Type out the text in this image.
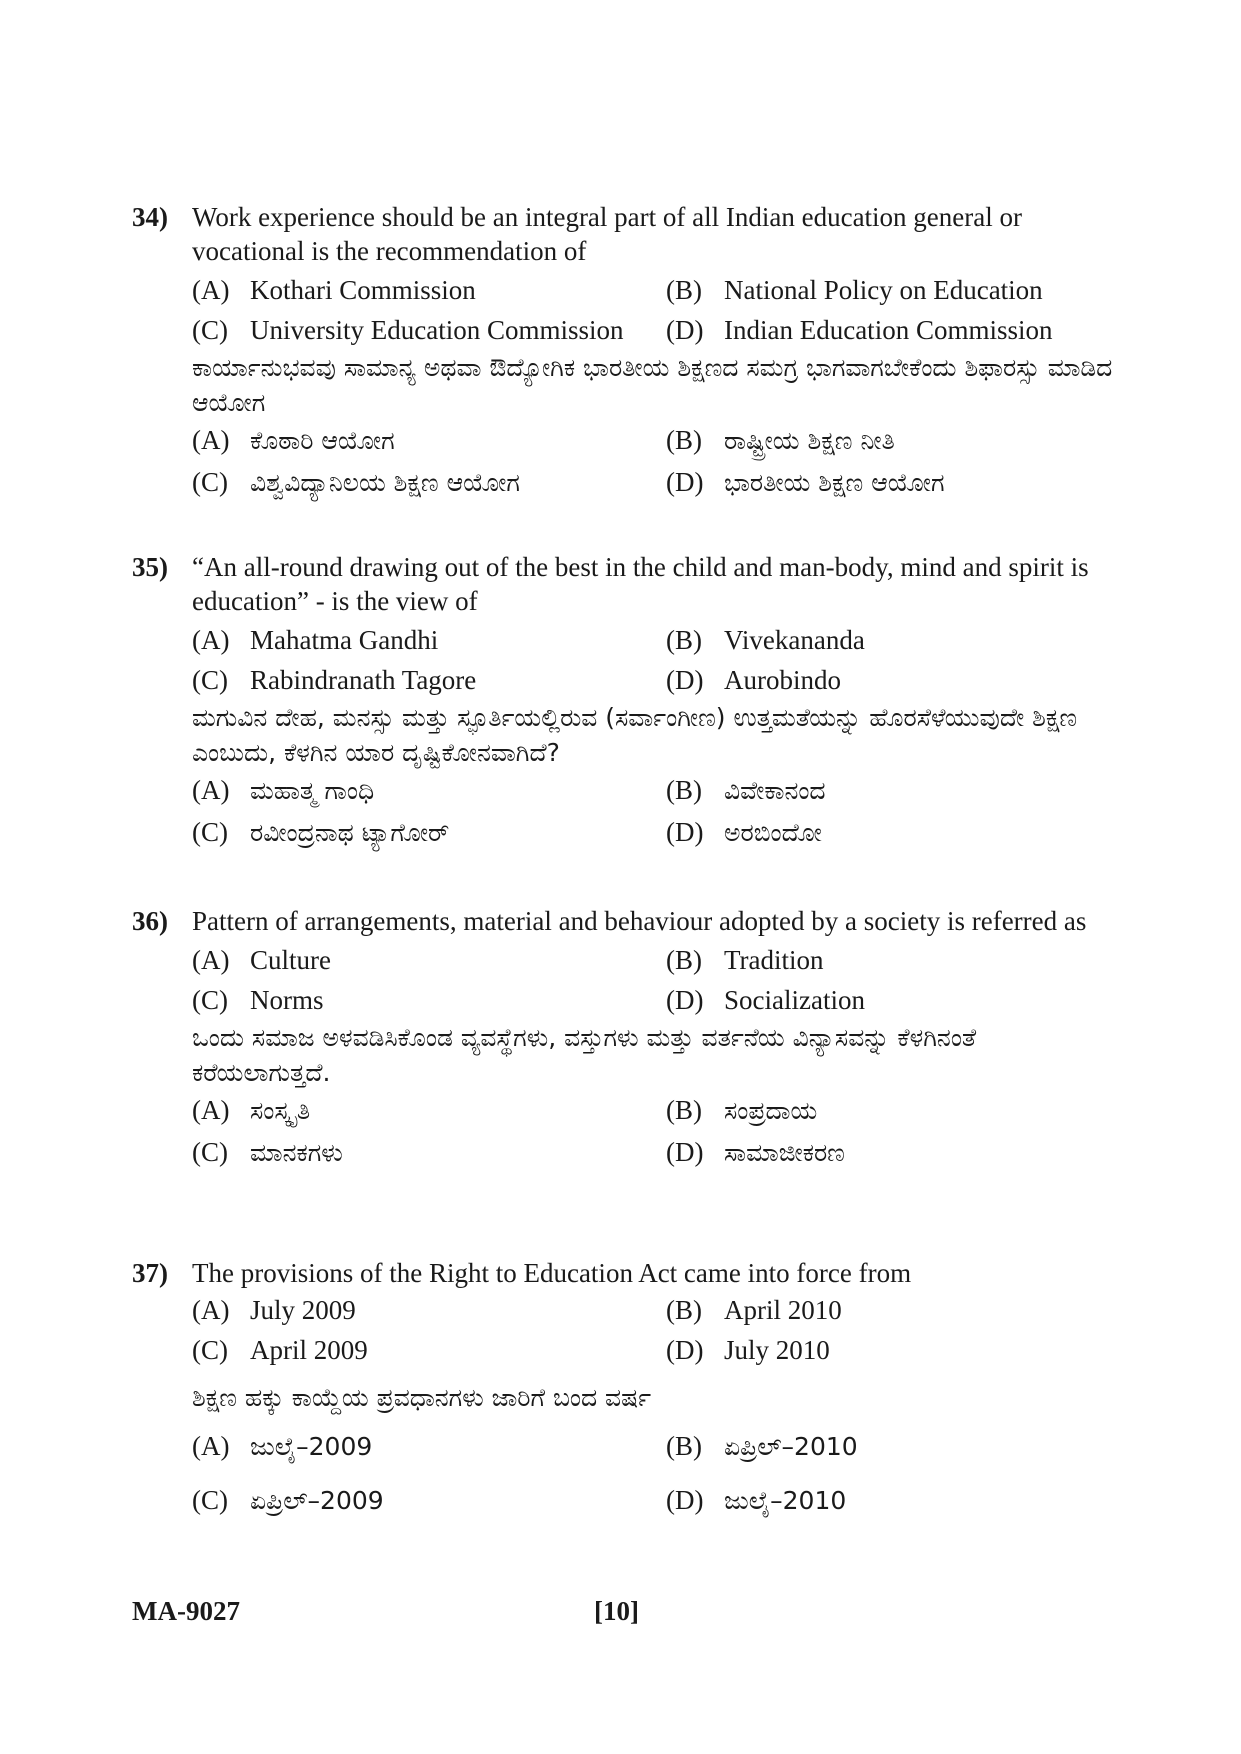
34) Work experience should be an integral part of all Indian education general or vocational is the recommendation of
(A) Kothari Commission	(B) National Policy on Education
(C) University Education Commission	(D) Indian Education Commission
ಕಾರ್ಯಾನುಭವವು ಸಾಮಾನ್ಯ ಅಥವಾ ಔದ್ಯೋಗಿಕ ಭಾರತೀಯ ಶಿಕ್ಷಣದ ಸಮಗ್ರ ಭಾಗವಾಗಬೇಕೆಂದು ಶಿಫಾರಸ್ಸು ಮಾಡಿದ ಆಯೋಗ
(A) ಕೊಠಾರಿ ಆಯೋಗ	(B) ರಾಷ್ಟ್ರೀಯ ಶಿಕ್ಷಣ ನೀತಿ
(C) ವಿಶ್ವವಿದ್ಯಾನಿಲಯ ಶಿಕ್ಷಣ ಆಯೋಗ	(D) ಭಾರತೀಯ ಶಿಕ್ಷಣ ಆಯೋಗ
35) “An all-round drawing out of the best in the child and man-body, mind and spirit is education” - is the view of
(A) Mahatma Gandhi	(B) Vivekananda
(C) Rabindranath Tagore	(D) Aurobindo
ಮಗುವಿನ ದೇಹ, ಮನಸ್ಸು ಮತ್ತು ಸ್ಫೂರ್ತಿಯಲ್ಲಿರುವ (ಸರ್ವಾಂಗೀಣ) ಉತ್ತಮತೆಯನ್ನು ಹೊರಸೆಳೆಯುವುದೇ ಶಿಕ್ಷಣ ಎಂಬುದು, ಕೆಳಗಿನ ಯಾರ ದೃಷ್ಟಿಕೋನವಾಗಿದೆ?
(A) ಮಹಾತ್ಮ ಗಾಂಧಿ	(B) ವಿವೇಕಾನಂದ
(C) ರವೀಂದ್ರನಾಥ ಟ್ಯಾಗೋರ್	(D) ಅರಬಿಂದೋ
36) Pattern of arrangements, material and behaviour adopted by a society is referred as
(A) Culture	(B) Tradition
(C) Norms	(D) Socialization
ಒಂದು ಸಮಾಜ ಅಳವಡಿಸಿಕೊಂಡ ವ್ಯವಸ್ಥೆಗಳು, ವಸ್ತುಗಳು ಮತ್ತು ವರ್ತನೆಯ ವಿನ್ಯಾಸವನ್ನು ಕೆಳಗಿನಂತೆ ಕರೆಯಲಾಗುತ್ತದೆ.
(A) ಸಂಸ್ಕೃತಿ	(B) ಸಂಪ್ರದಾಯ
(C) ಮಾನಕಗಳು	(D) ಸಾಮಾಜೀಕರಣ
37) The provisions of the Right to Education Act came into force from
(A) July 2009	(B) April 2010
(C) April 2009	(D) July 2010
ಶಿಕ್ಷಣ ಹಕ್ಕು ಕಾಯ್ದೆಯ ಪ್ರವಧಾನಗಳು ಜಾರಿಗೆ ಬಂದ ವರ್ಷ
(A) ಜುಲೈ–2009	(B) ಏಪ್ರಿಲ್–2010
(C) ಏಪ್ರಿಲ್–2009	(D) ಜುಲೈ–2010
MA-9027	[10]
